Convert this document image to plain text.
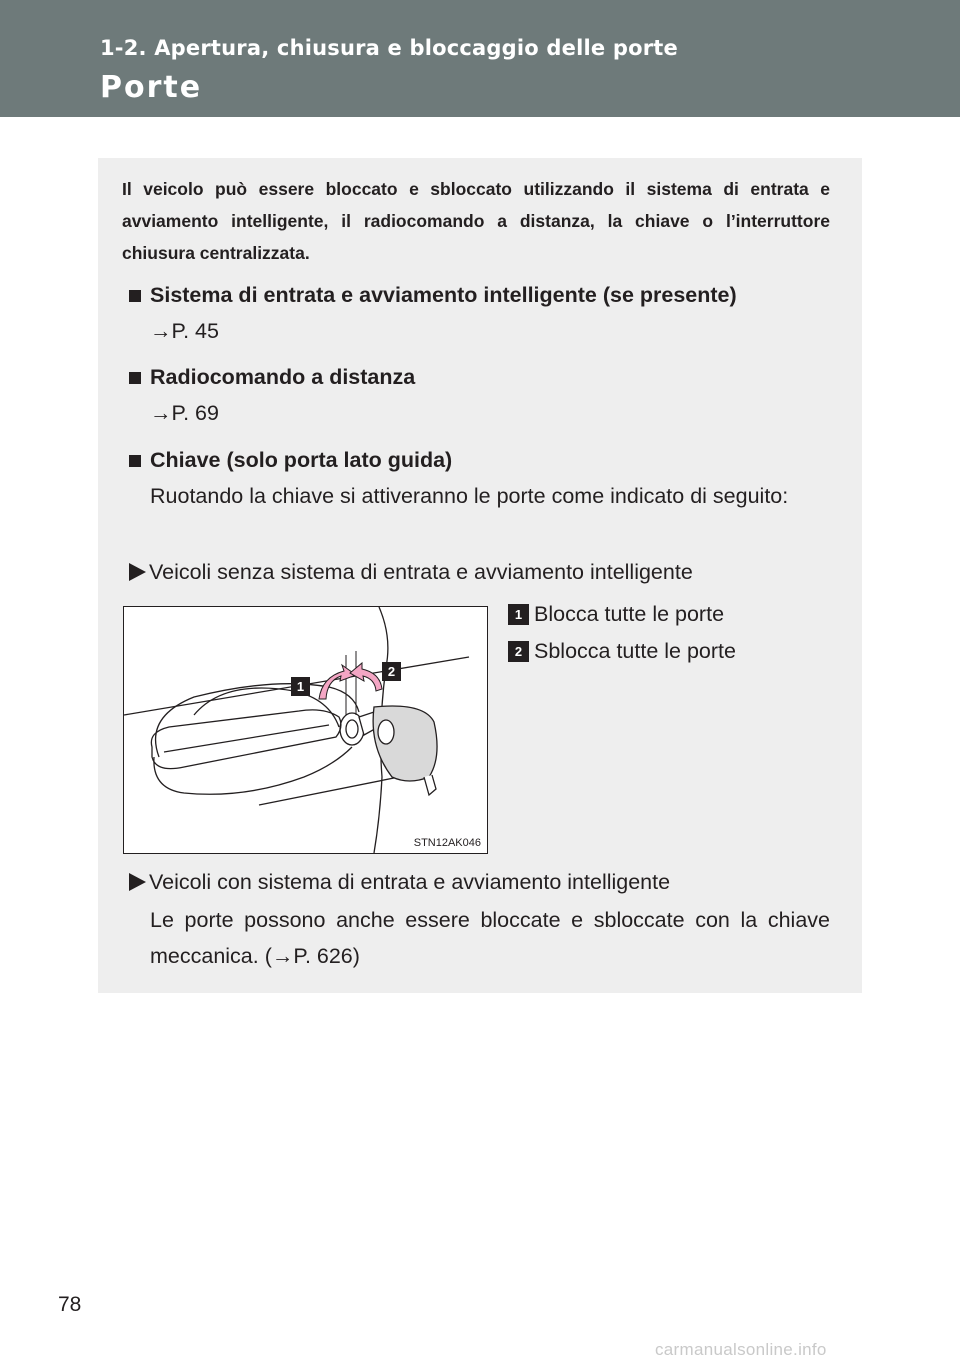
1-2. Apertura, chiusura e bloccaggio delle porte
Porte
Il veicolo può essere bloccato e sbloccato utilizzando il sistema di entrata e avviamento intelligente, il radiocomando a distanza, la chiave o l’interruttore chiusura centralizzata.
Sistema di entrata e avviamento intelligente (se presente)
→P. 45
Radiocomando a distanza
→P. 69
Chiave (solo porta lato guida)
Ruotando la chiave si attiveranno le porte come indicato di seguito:
Veicoli senza sistema di entrata e avviamento intelligente
1
2
STN12AK046
1 Blocca tutte le porte
2 Sblocca tutte le porte
Veicoli con sistema di entrata e avviamento intelligente
Le porte possono anche essere bloccate e sbloccate con la chiave meccanica. (→P. 626)
78
carmanualsonline.info
